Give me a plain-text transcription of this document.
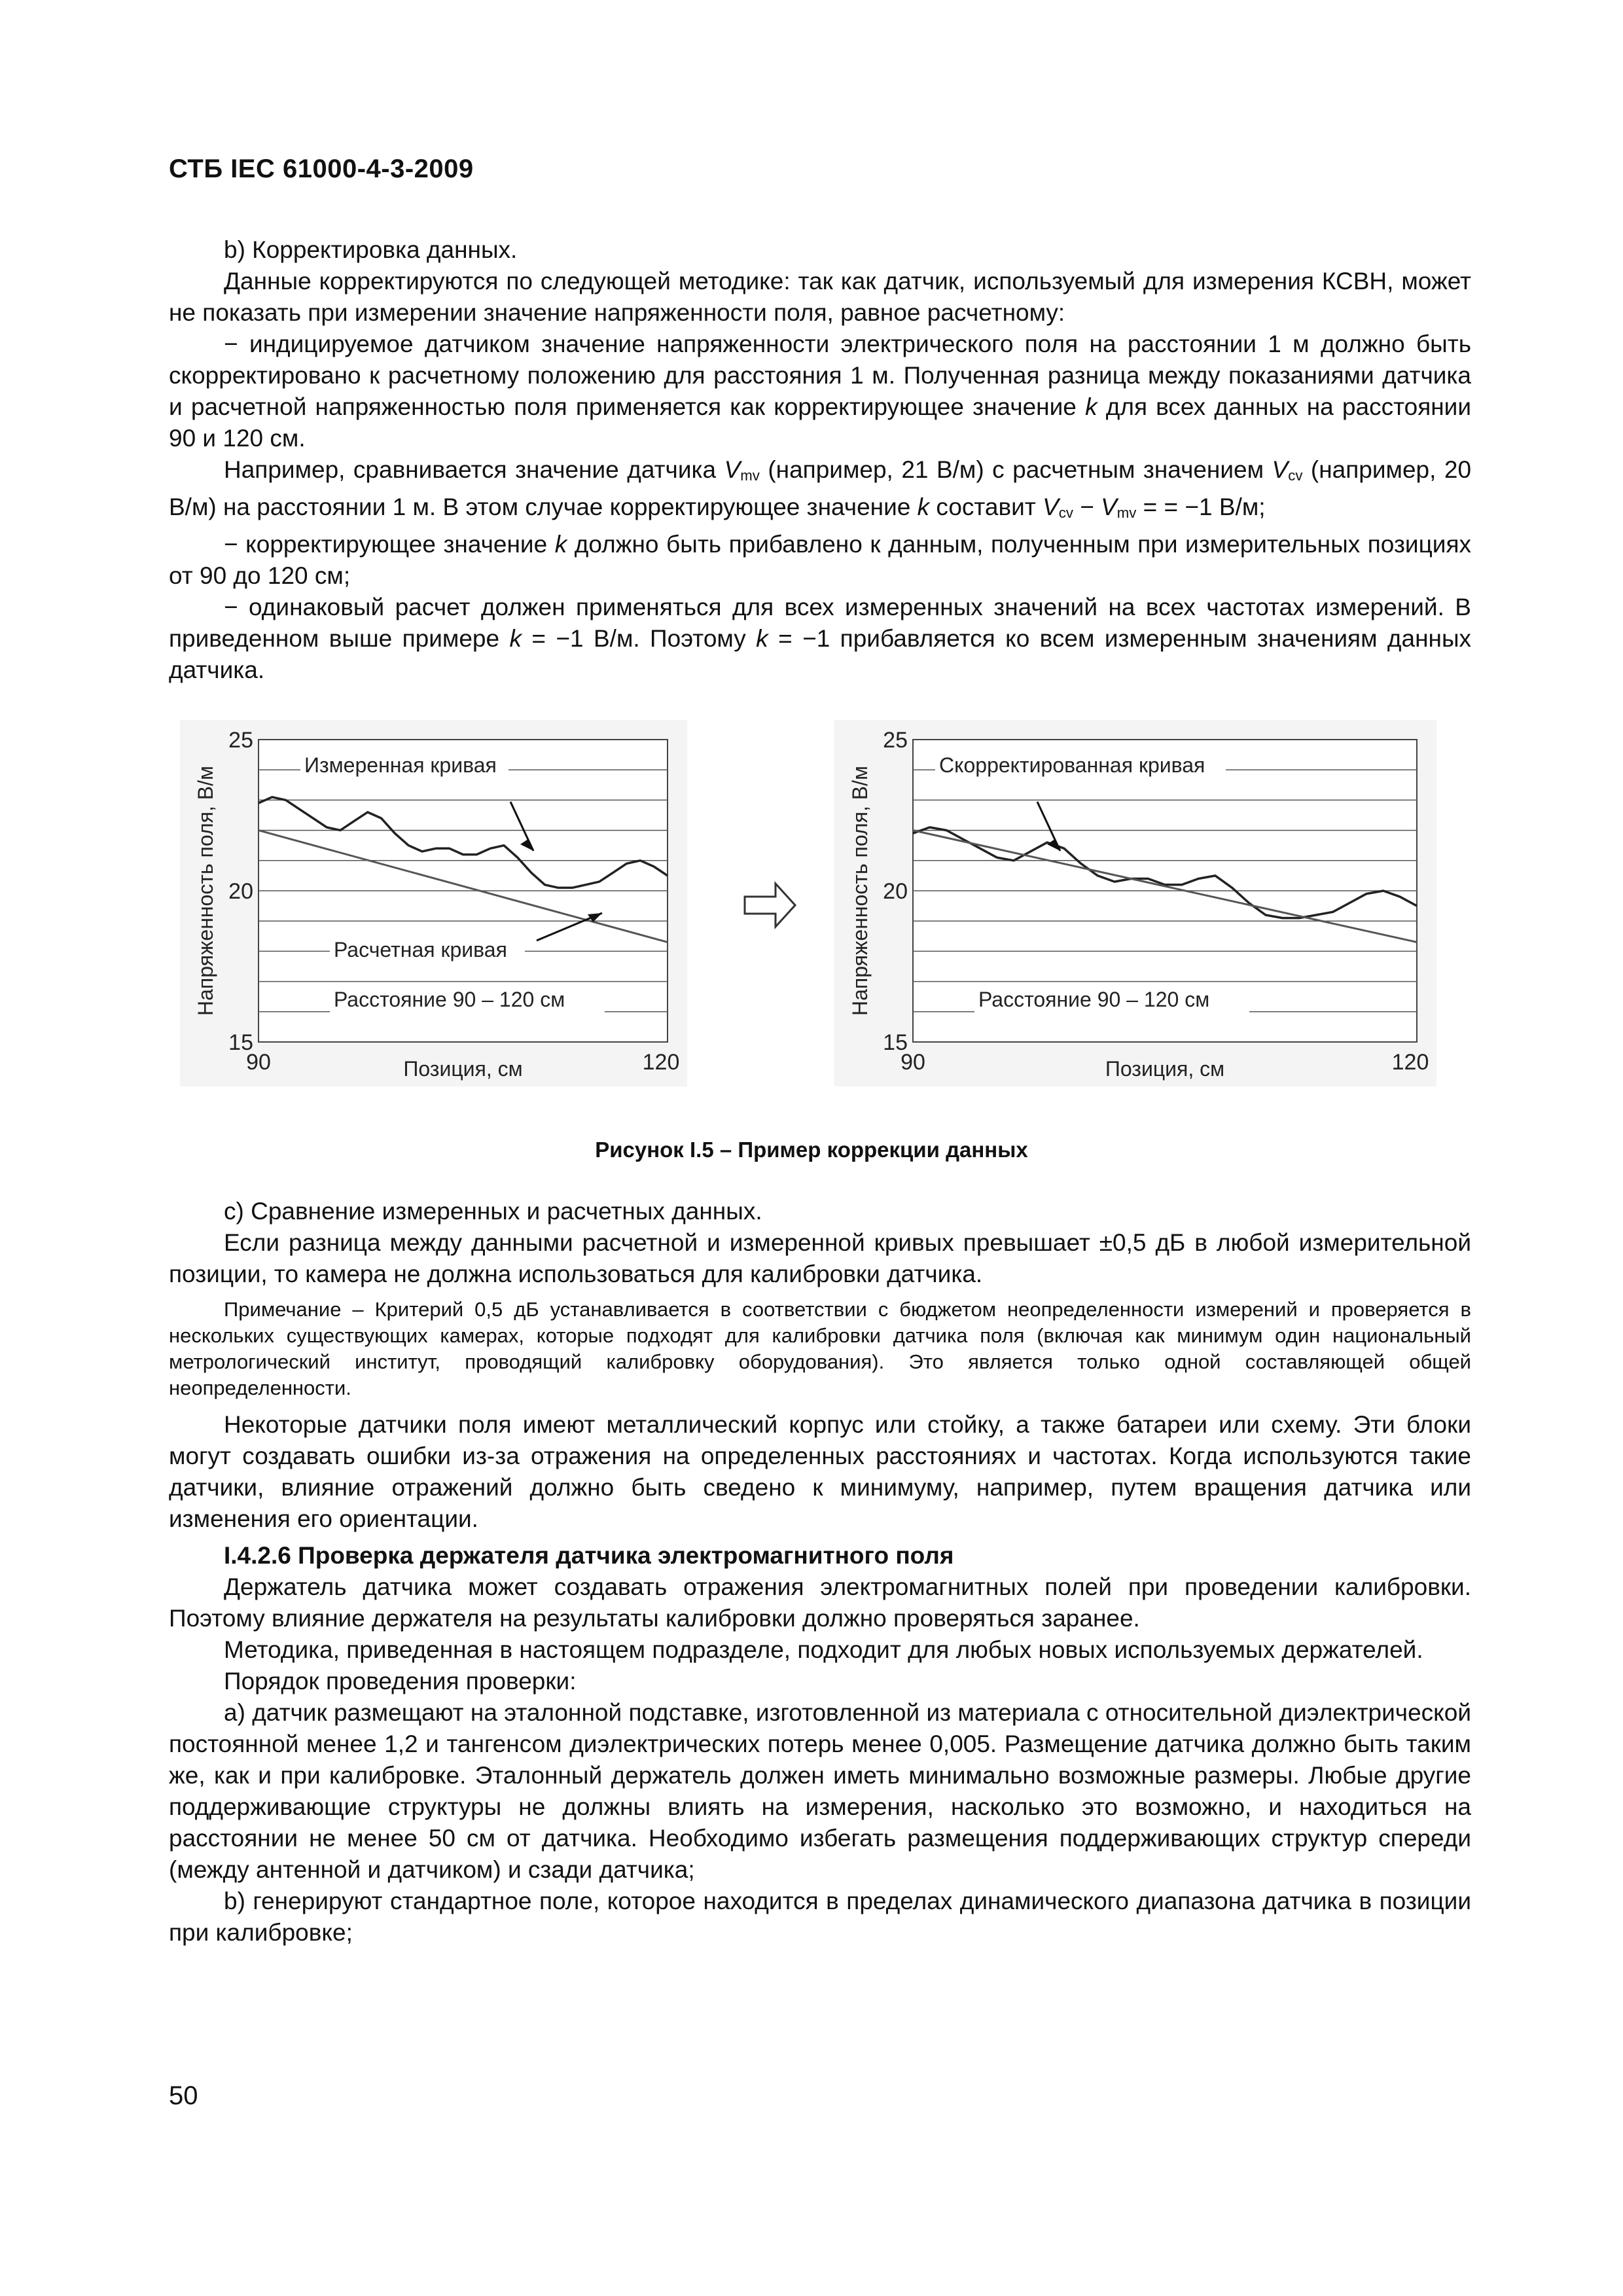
СТБ IEC 61000-4-3-2009

b) Корректировка данных.

Данные корректируются по следующей методике: так как датчик, используемый для измерения КСВН, может не показать при измерении значение напряженности поля, равное расчетному:

− индицируемое датчиком значение напряженности электрического поля на расстоянии 1 м должно быть скорректировано к расчетному положению для расстояния 1 м. Полученная разница между показаниями датчика и расчетной напряженностью поля применяется как корректирующее значение k для всех данных на расстоянии 90 и 120 см.

Например, сравнивается значение датчика $V_{mv}$ (например, 21 В/м) с расчетным значением $V_{cv}$ (например, 20 В/м) на расстоянии 1 м. В этом случае корректирующее значение k составит $V_{cv} - V_{mv}$ = = −1 В/м;

− корректирующее значение k должно быть прибавлено к данным, полученным при измерительных позициях от 90 до 120 см;

− одинаковый расчет должен применяться для всех измеренных значений на всех частотах измерений. В приведенном выше примере k = −1 В/м. Поэтому k = −1 прибавляется ко всем измеренным значениям данных датчика.

15
20
25
90	120
Позиция, см
Напряженность поля, В/м
Измеренная кривая
Расчетная кривая
Расстояние 90 – 120 см
15
20
25
90	120
Позиция, см
Напряженность поля, В/м
Скорректированная кривая
Расстояние 90 – 120 см
Рисунок I.5 – Пример коррекции данных

c) Сравнение измеренных и расчетных данных.

Если разница между данными расчетной и измеренной кривых превышает ±0,5 дБ в любой измерительной позиции, то камера не должна использоваться для калибровки датчика.

Примечание – Критерий 0,5 дБ устанавливается в соответствии с бюджетом неопределенности измерений и проверяется в нескольких существующих камерах, которые подходят для калибровки датчика поля (включая как минимум один национальный метрологический институт, проводящий калибровку оборудования). Это является только одной составляющей общей неопределенности.

Некоторые датчики поля имеют металлический корпус или стойку, а также батареи или схему. Эти блоки могут создавать ошибки из-за отражения на определенных расстояниях и частотах. Когда используются такие датчики, влияние отражений должно быть сведено к минимуму, например, путем вращения датчика или изменения его ориентации.

I.4.2.6 Проверка держателя датчика электромагнитного поля

Держатель датчика может создавать отражения электромагнитных полей при проведении калибровки. Поэтому влияние держателя на результаты калибровки должно проверяться заранее.

Методика, приведенная в настоящем подразделе, подходит для любых новых используемых держателей.

Порядок проведения проверки:

a) датчик размещают на эталонной подставке, изготовленной из материала с относительной диэлектрической постоянной менее 1,2 и тангенсом диэлектрических потерь менее 0,005. Размещение датчика должно быть таким же, как и при калибровке. Эталонный держатель должен иметь минимально возможные размеры. Любые другие поддерживающие структуры не должны влиять на измерения, насколько это возможно, и находиться на расстоянии не менее 50 см от датчика. Необходимо избегать размещения поддерживающих структур спереди (между антенной и датчиком) и сзади датчика;

b) генерируют стандартное поле, которое находится в пределах динамического диапазона датчика в позиции при калибровке;

50
